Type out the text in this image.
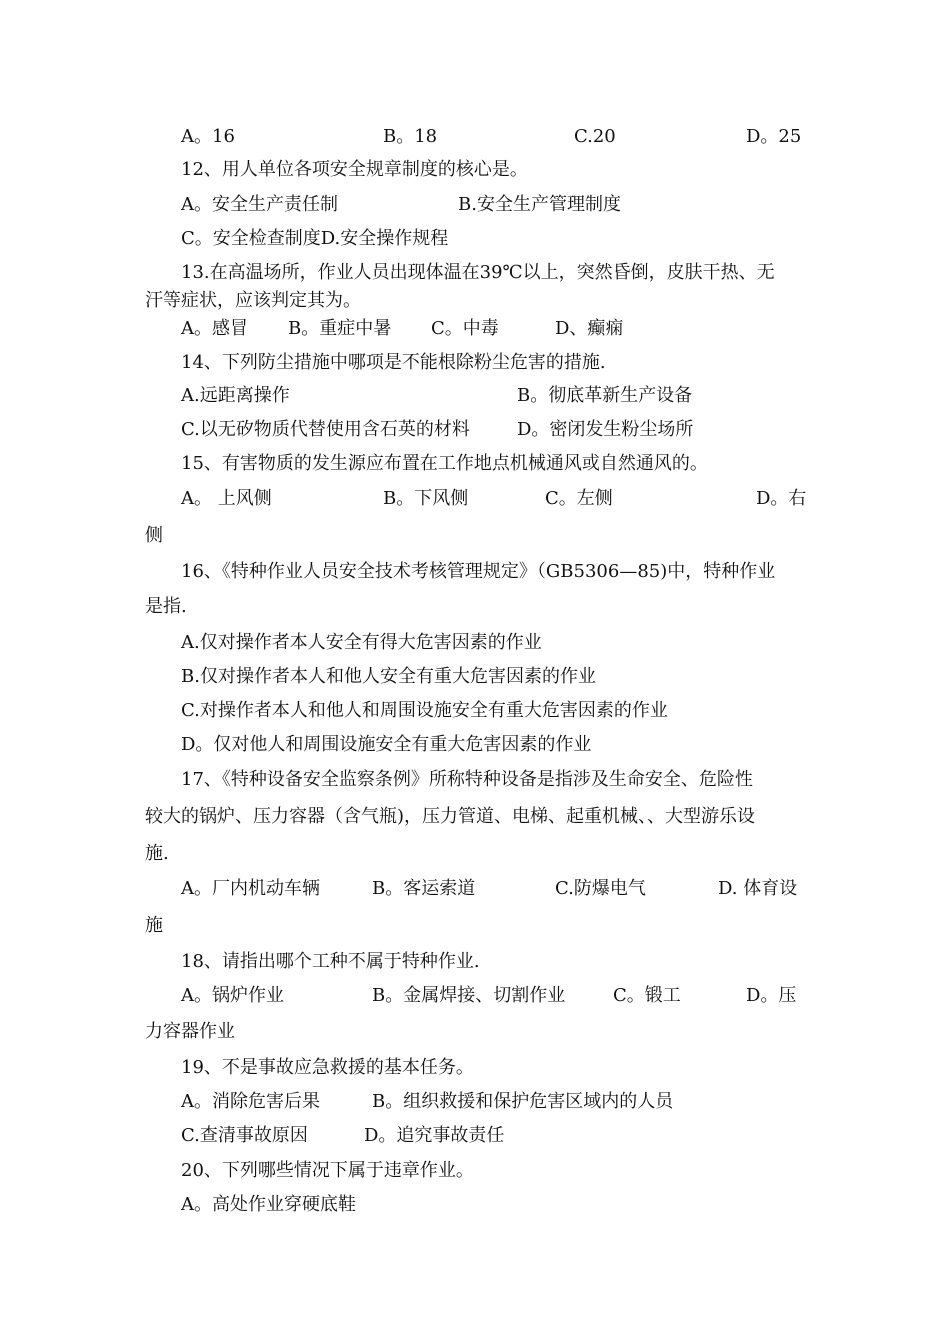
A。16	B。18	C.20	D。25
12、用人单位各项安全规章制度的核心是。
A。安全生产责任制	B.安全生产管理制度
C。安全检查制度D.安全操作规程
13.在高温场所，作业人员出现体温在39℃以上，突然昏倒，皮肤干热、无
汗等症状，应该判定其为。
A。感冒 B。重症中暑 C。中毒	D、癫痫
14、下列防尘措施中哪项是不能根除粉尘危害的措施.
A.远距离操作	B。彻底革新生产设备
C.以无矽物质代替使用含石英的材料	D。密闭发生粉尘场所
15、有害物质的发生源应布置在工作地点机械通风或自然通风的。
A。 上风侧	B。下风侧	C。左侧	D。右
侧
16、《特种作业人员安全技术考核管理规定》（GB5306—85)中，特种作业
是指.
A.仅对操作者本人安全有得大危害因素的作业
B.仅对操作者本人和他人安全有重大危害因素的作业
C.对操作者本人和他人和周围设施安全有重大危害因素的作业
D。仅对他人和周围设施安全有重大危害因素的作业
17、《特种设备安全监察条例》所称特种设备是指涉及生命安全、危险性
较大的锅炉、压力容器（含气瓶)，压力管道、电梯、起重机械、、大型游乐设
施.
A。厂内机动车辆	B。客运索道	C.防爆电气	D. 体育设
施
18、请指出哪个工种不属于特种作业.
A。锅炉作业	B。金属焊接、切割作业	C。锻工	D。压
力容器作业
19、不是事故应急救援的基本任务。
A。消除危害后果	B。组织救援和保护危害区域内的人员
C.查清事故原因	D。追究事故责任
20、下列哪些情况下属于违章作业。
A。高处作业穿硬底鞋
